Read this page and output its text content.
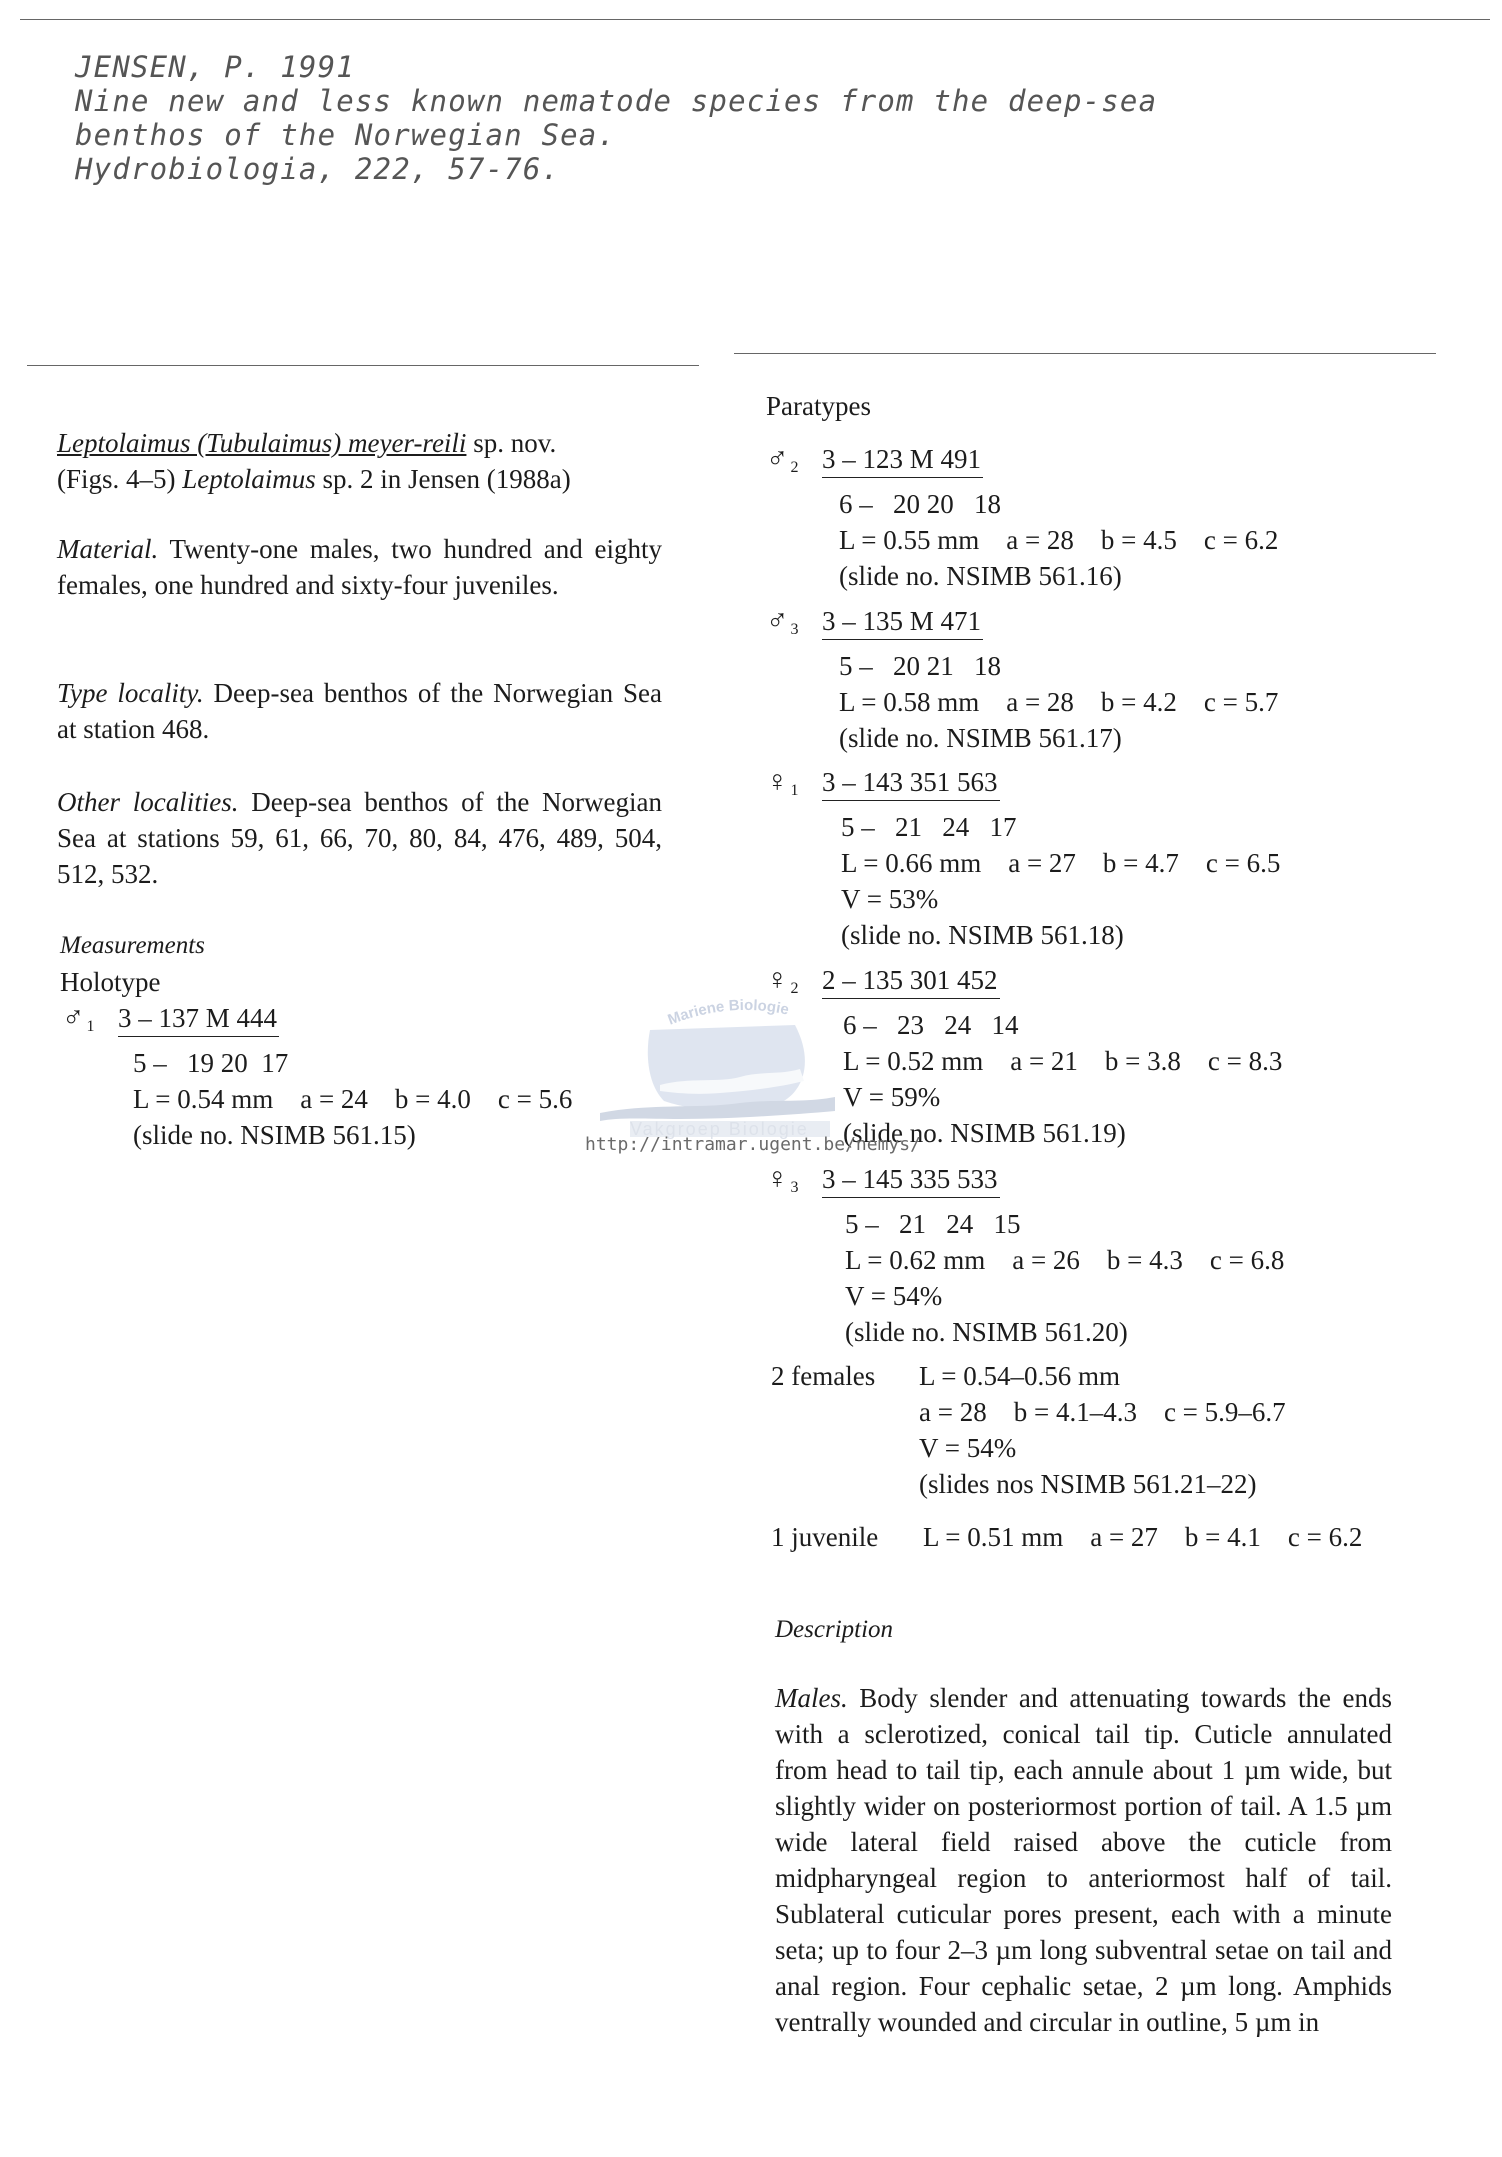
JENSEN, P. 1991
Nine new and less known nematode species from the deep-sea
benthos of the Norwegian Sea.
Hydrobiologia, 222, 57-76.
Leptolaimus (Tubulaimus) meyer-reili sp. nov.
(Figs. 4–5) Leptolaimus sp. 2 in Jensen (1988a)
Material. Twenty-one males, two hundred and eighty females, one hundred and sixty-four juveniles.
Type locality. Deep-sea benthos of the Norwegian Sea at station 468.
Other localities. Deep-sea benthos of the Norwegian Sea at stations 59, 61, 66, 70, 80, 84, 476, 489, 504, 512, 532.
Measurements
Holotype
♂ $_1$ 3 – 137 M 444
5 –   19 20  17
L = 0.54 mm    a = 24    b = 4.0    c = 5.6
(slide no. NSIMB 561.15)
Paratypes
♂ $_2$ 3 – 123 M 491
6 –   20 20   18
L = 0.55 mm    a = 28    b = 4.5    c = 6.2
(slide no. NSIMB 561.16)
♂ $_3$ 3 – 135 M 471
5 –   20 21   18
L = 0.58 mm    a = 28    b = 4.2    c = 5.7
(slide no. NSIMB 561.17)
♀ $_1$ 3 – 143 351 563
5 –   21   24   17
L = 0.66 mm    a = 27    b = 4.7    c = 6.5
V = 53%
(slide no. NSIMB 561.18)
♀ $_2$ 2 – 135 301 452
6 –   23   24   14
L = 0.52 mm    a = 21    b = 3.8    c = 8.3
V = 59%
(slide no. NSIMB 561.19)
♀ $_3$ 3 – 145 335 533
5 –   21   24   15
L = 0.62 mm    a = 26    b = 4.3    c = 6.8
V = 54%
(slide no. NSIMB 561.20)
2 females L = 0.54–0.56 mm
a = 28    b = 4.1–4.3    c = 5.9–6.7
V = 54%
(slides nos NSIMB 561.21–22)
1 juvenile L = 0.51 mm    a = 27    b = 4.1    c = 6.2
Description
Males. Body slender and attenuating towards the ends with a sclerotized, conical tail tip. Cuticle annulated from head to tail tip, each annule about 1 µm wide, but slightly wider on posteriormost portion of tail. A 1.5 µm wide lateral field raised above the cuticle from midpharyngeal region to anteriormost half of tail. Sublateral cuticular pores present, each with a minute seta; up to four 2–3 µm long subventral setae on tail and anal region. Four cephalic setae, 2 µm long. Amphids ventrally wounded and circular in outline, 5 µm in
Mariene Biologie
Vakgroep Biologie
http://intramar.ugent.be/nemys/
